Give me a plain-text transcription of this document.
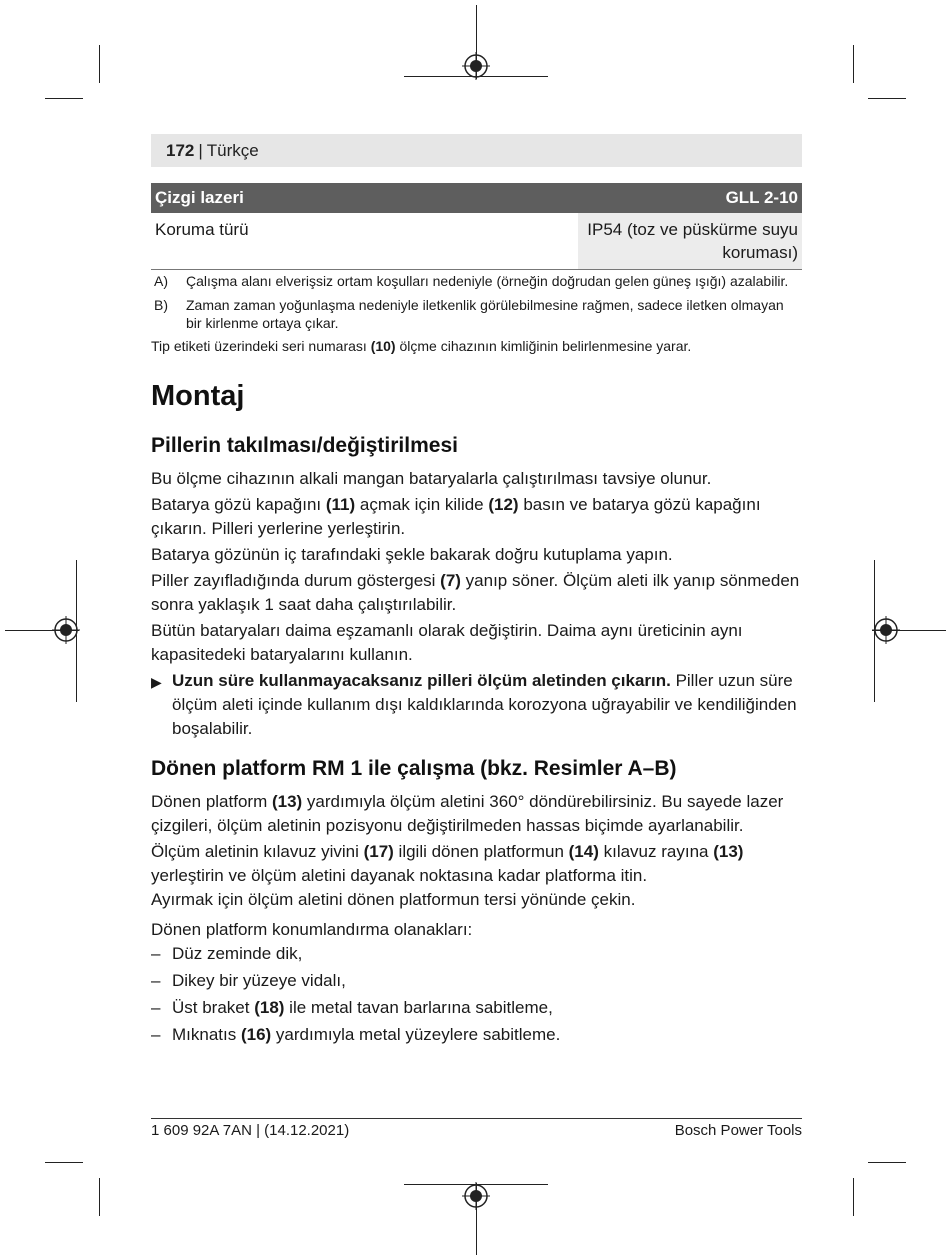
172 | Türkçe
Çizgi lazeri	GLL 2-10
Koruma türü	IP54 (toz ve püskürme suyu
koruması)
A)	Çalışma alanı elverişsiz ortam koşulları nedeniyle (örneğin doğrudan gelen güneş ışığı) azalabilir.
B)	Zaman zaman yoğunlaşma nedeniyle iletkenlik görülebilmesine rağmen, sadece iletken olmayan bir kirlenme ortaya çıkar.
Tip etiketi üzerindeki seri numarası (10) ölçme cihazının kimliğinin belirlenmesine yarar.
Montaj
Pillerin takılması/değiştirilmesi

Bu ölçme cihazının alkali mangan bataryalarla çalıştırılması tavsiye olunur.

Batarya gözü kapağını (11) açmak için kilide (12) basın ve batarya gözü kapağını çıkarın. Pilleri yerlerine yerleştirin.

Batarya gözünün iç tarafındaki şekle bakarak doğru kutuplama yapın.

Piller zayıfladığında durum göstergesi (7) yanıp söner. Ölçüm aleti ilk yanıp sönmeden sonra yaklaşık 1 saat daha çalıştırılabilir.

Bütün bataryaları daima eşzamanlı olarak değiştirin. Daima aynı üreticinin aynı kapasitedeki bataryalarını kullanın.

▶ Uzun süre kullanmayacaksanız pilleri ölçüm aletinden çıkarın. Piller uzun süre ölçüm aleti içinde kullanım dışı kaldıklarında korozyona uğrayabilir ve kendiliğinden boşalabilir.
Dönen platform RM 1 ile çalışma (bkz. Resimler A–B)

Dönen platform (13) yardımıyla ölçüm aletini 360° döndürebilirsiniz. Bu sayede lazer çizgileri, ölçüm aletinin pozisyonu değiştirilmeden hassas biçimde ayarlanabilir.

Ölçüm aletinin kılavuz yivini (17) ilgili dönen platformun (14) kılavuz rayına (13) yerleştirin ve ölçüm aletini dayanak noktasına kadar platforma itin.

Ayırmak için ölçüm aletini dönen platformun tersi yönünde çekin.

Dönen platform konumlandırma olanakları:

– Düz zeminde dik,
– Dikey bir yüzeye vidalı,
– Üst braket (18) ile metal tavan barlarına sabitleme,
– Mıknatıs (16) yardımıyla metal yüzeylere sabitleme.
1 609 92A 7AN | (14.12.2021)	Bosch Power Tools
